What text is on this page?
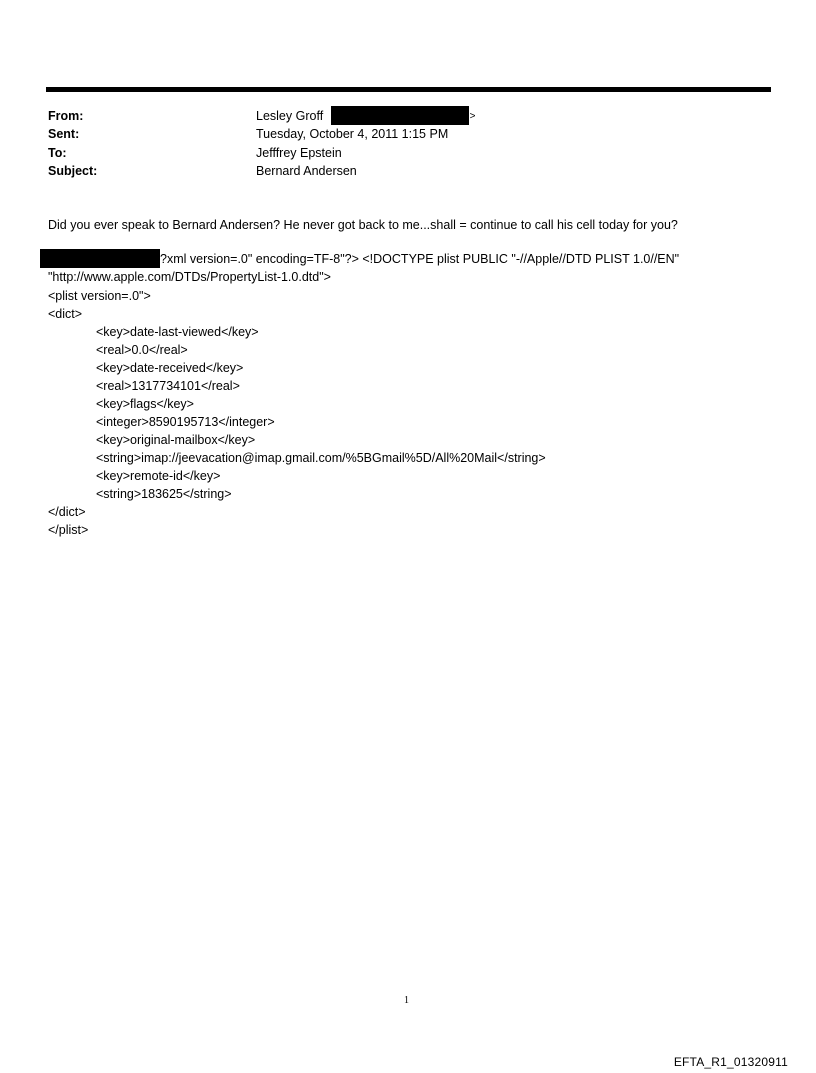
From:	Lesley Groff	>
Sent:	Tuesday, October 4, 2011 1:15 PM
To:	Jefffrey Epstein
Subject:	Bernard Andersen
Did you ever speak to Bernard Andersen? He never got back to me...shall = continue to call his cell today for you?
?xml version=.0" encoding=TF-8"?> <!DOCTYPE plist PUBLIC "-//Apple//DTD PLIST 1.0//EN"
"http://www.apple.com/DTDs/PropertyList-1.0.dtd">
<plist version=.0">
<dict>
<key>date-last-viewed</key>
<real>0.0</real>
<key>date-received</key>
<real>1317734101</real>
<key>flags</key>
<integer>8590195713</integer>
<key>original-mailbox</key>
<string>imap://jeevacation@imap.gmail.com/%5BGmail%5D/All%20Mail</string>
<key>remote-id</key>
<string>183625</string>
</dict>
</plist>
1
EFTA_R1_01320911
